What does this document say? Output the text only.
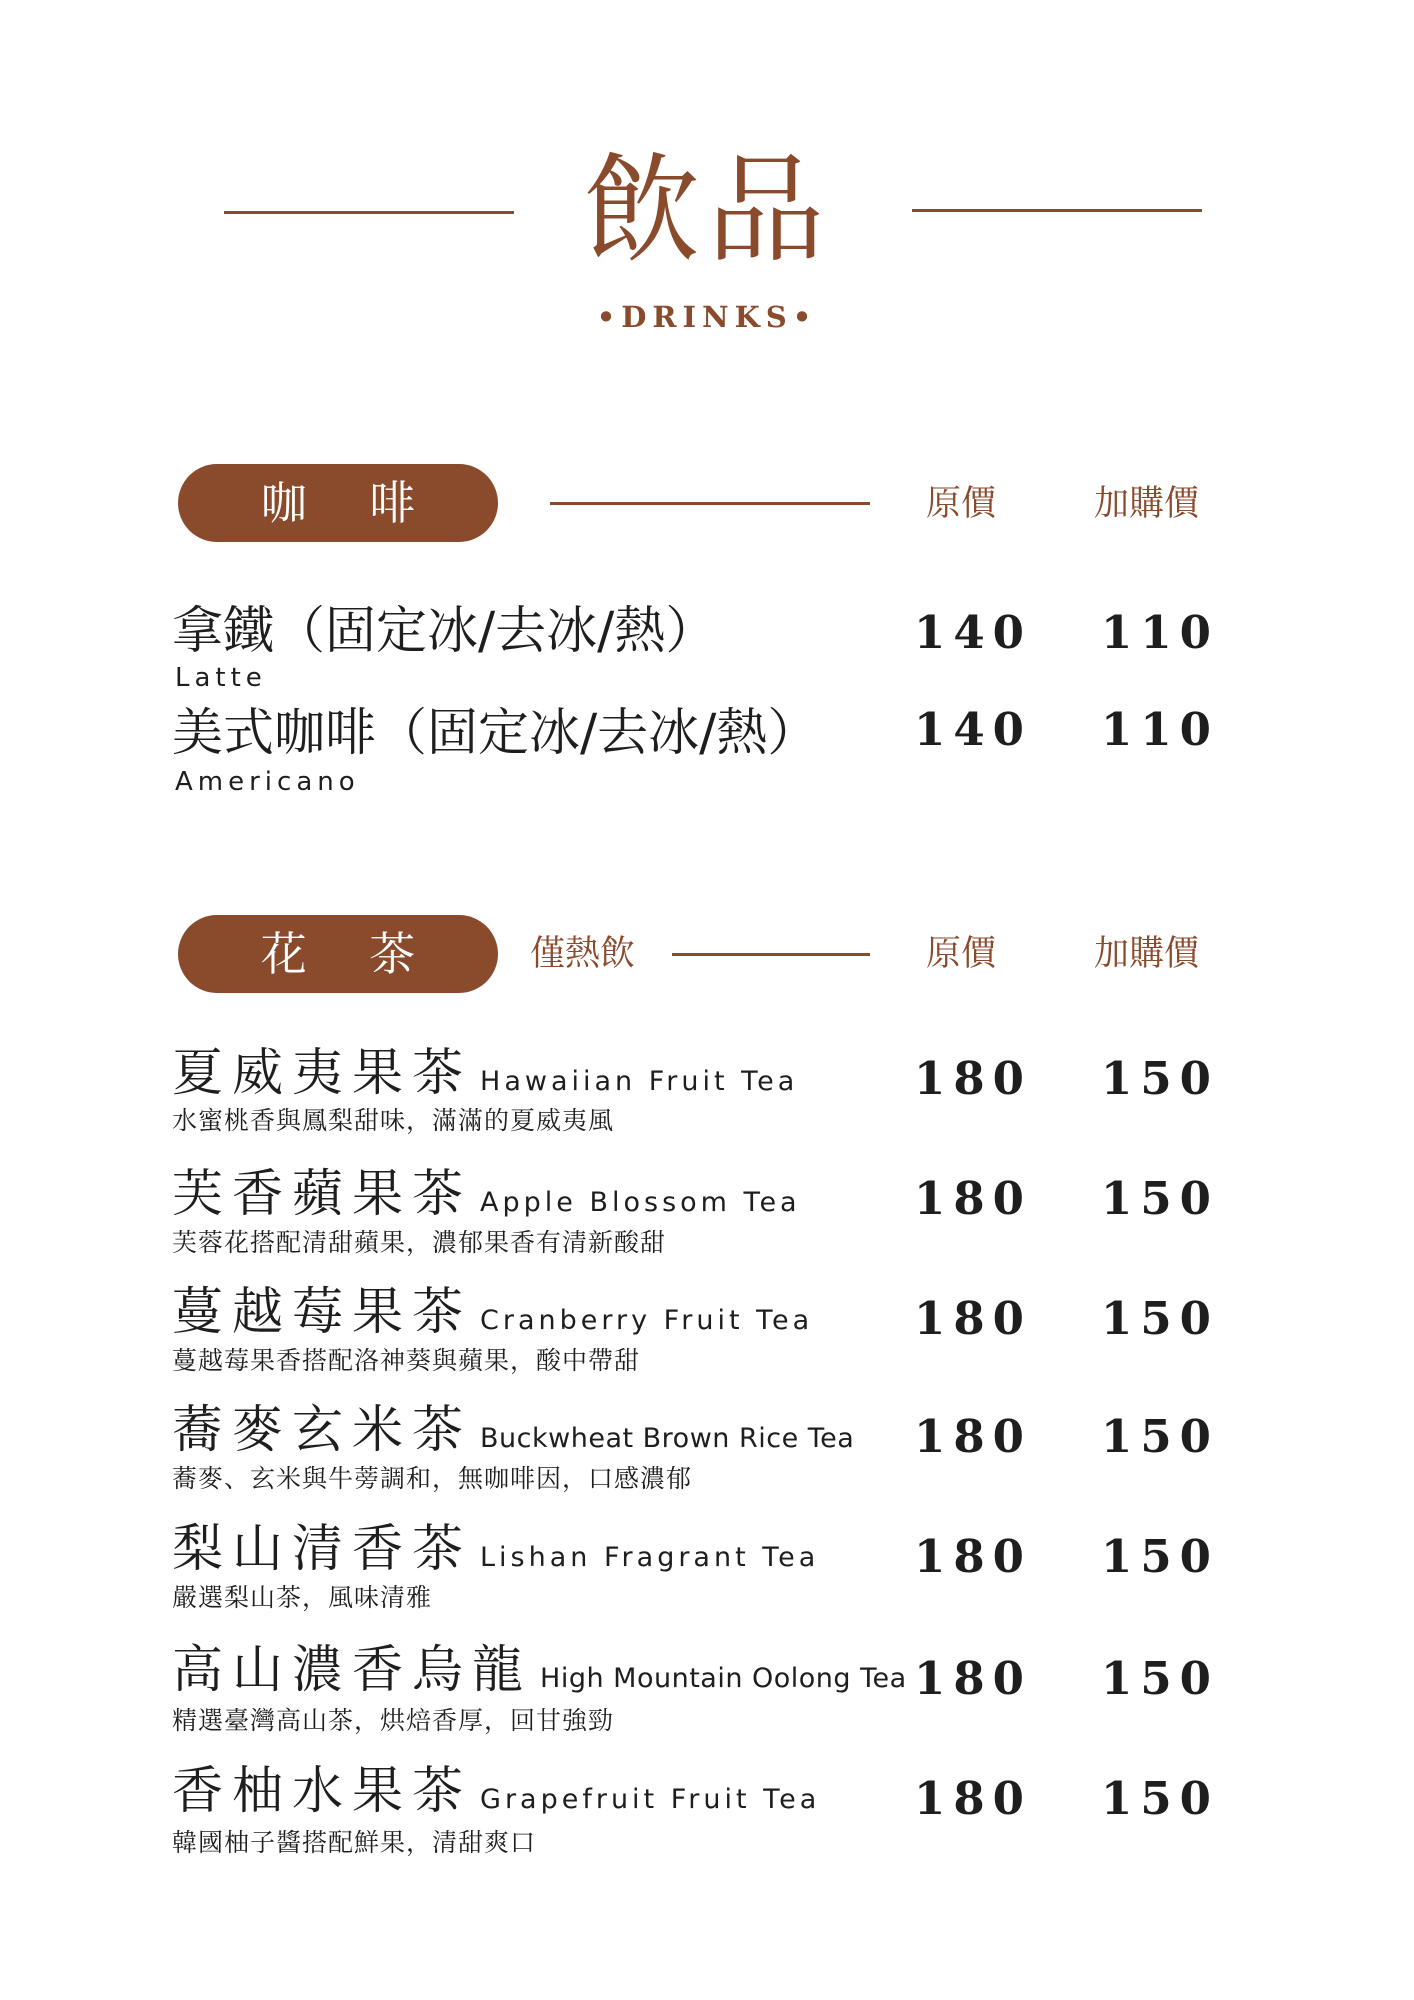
飲品
•DRINKS•
咖 啡	原價	加購價
拿鐵（固定冰/去冰/熱）
Latte
140	110
美式咖啡（固定冰/去冰/熱）
Americano
140	110
花 茶	僅熱飲	原價	加購價
夏威夷果茶 Hawaiian Fruit Tea
水蜜桃香與鳳梨甜味，滿滿的夏威夷風
180	150
芙香蘋果茶 Apple Blossom Tea
芙蓉花搭配清甜蘋果，濃郁果香有清新酸甜
180	150
蔓越莓果茶 Cranberry Fruit Tea
蔓越莓果香搭配洛神葵與蘋果，酸中帶甜
180	150
蕎麥玄米茶 Buckwheat Brown Rice Tea
蕎麥、玄米與牛蒡調和，無咖啡因，口感濃郁
180	150
梨山清香茶 Lishan Fragrant Tea
嚴選梨山茶，風味清雅
180	150
高山濃香烏龍 High Mountain Oolong Tea
精選臺灣高山茶，烘焙香厚，回甘強勁
180	150
香柚水果茶 Grapefruit Fruit Tea
韓國柚子醬搭配鮮果，清甜爽口
180	150
